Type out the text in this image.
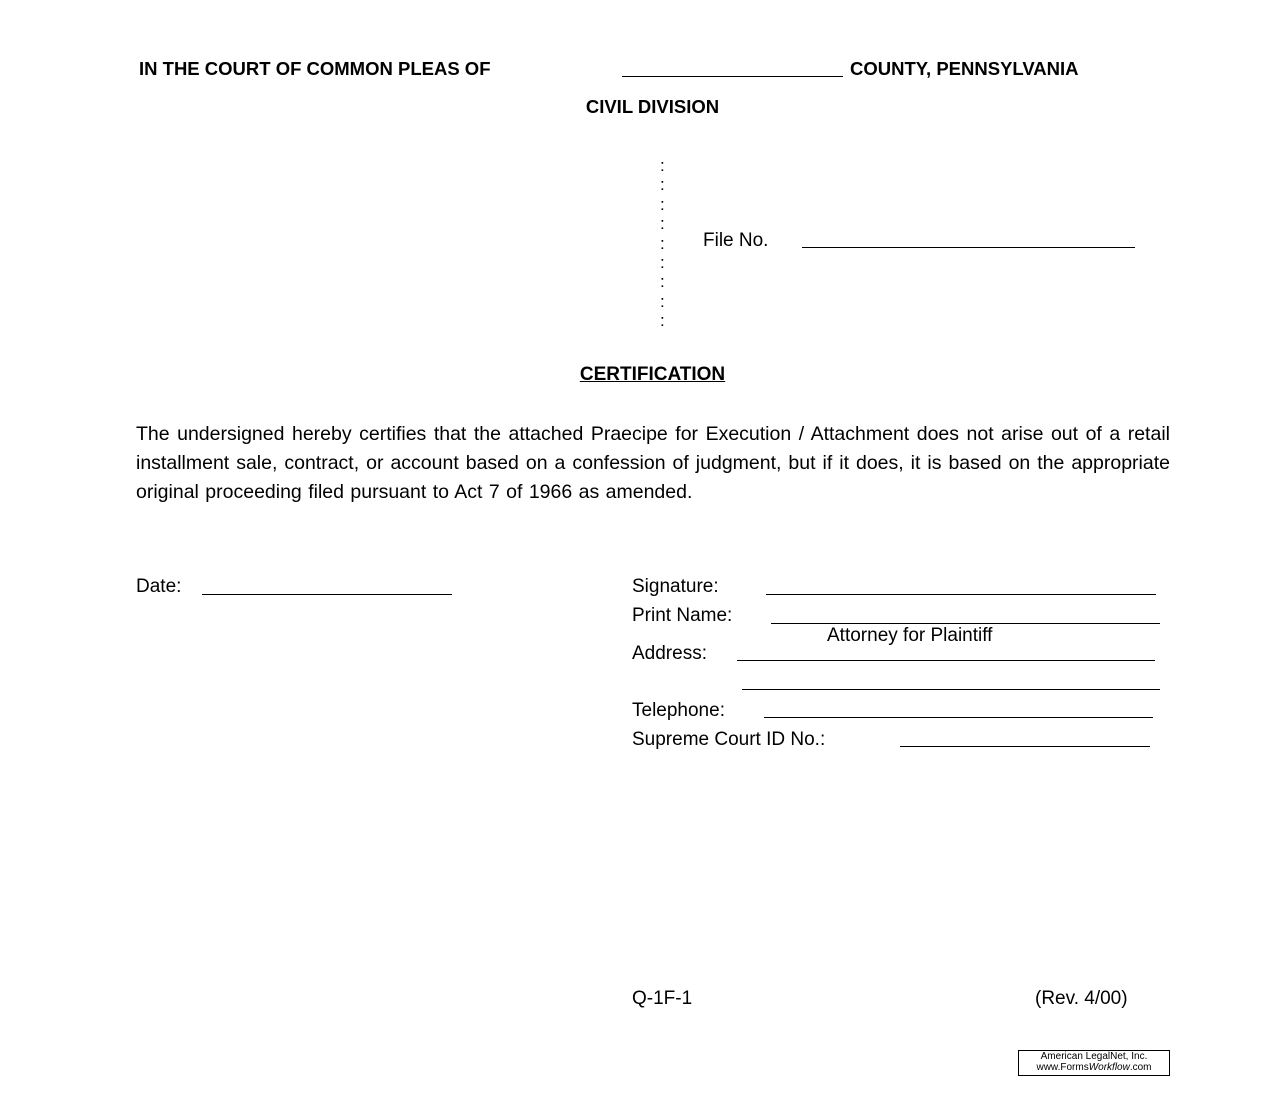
IN THE COURT OF COMMON PLEAS OF	COUNTY, PENNSYLVANIA
CIVIL DIVISION
:
:
:
:
:
:
:
:
:
File No.
CERTIFICATION
The undersigned hereby certifies that the attached Praecipe for Execution / Attachment does not arise out of a retail installment sale, contract, or account based on a confession of judgment, but if it does, it is based on the appropriate original proceeding filed pursuant to Act 7 of 1966 as amended.
Date:	Signature:
Print Name:
Attorney for Plaintiff
Address:
Telephone:
Supreme Court ID No.:
Q-1F-1	(Rev. 4/00)
American LegalNet, Inc.
www.FormsWorkflow.com
